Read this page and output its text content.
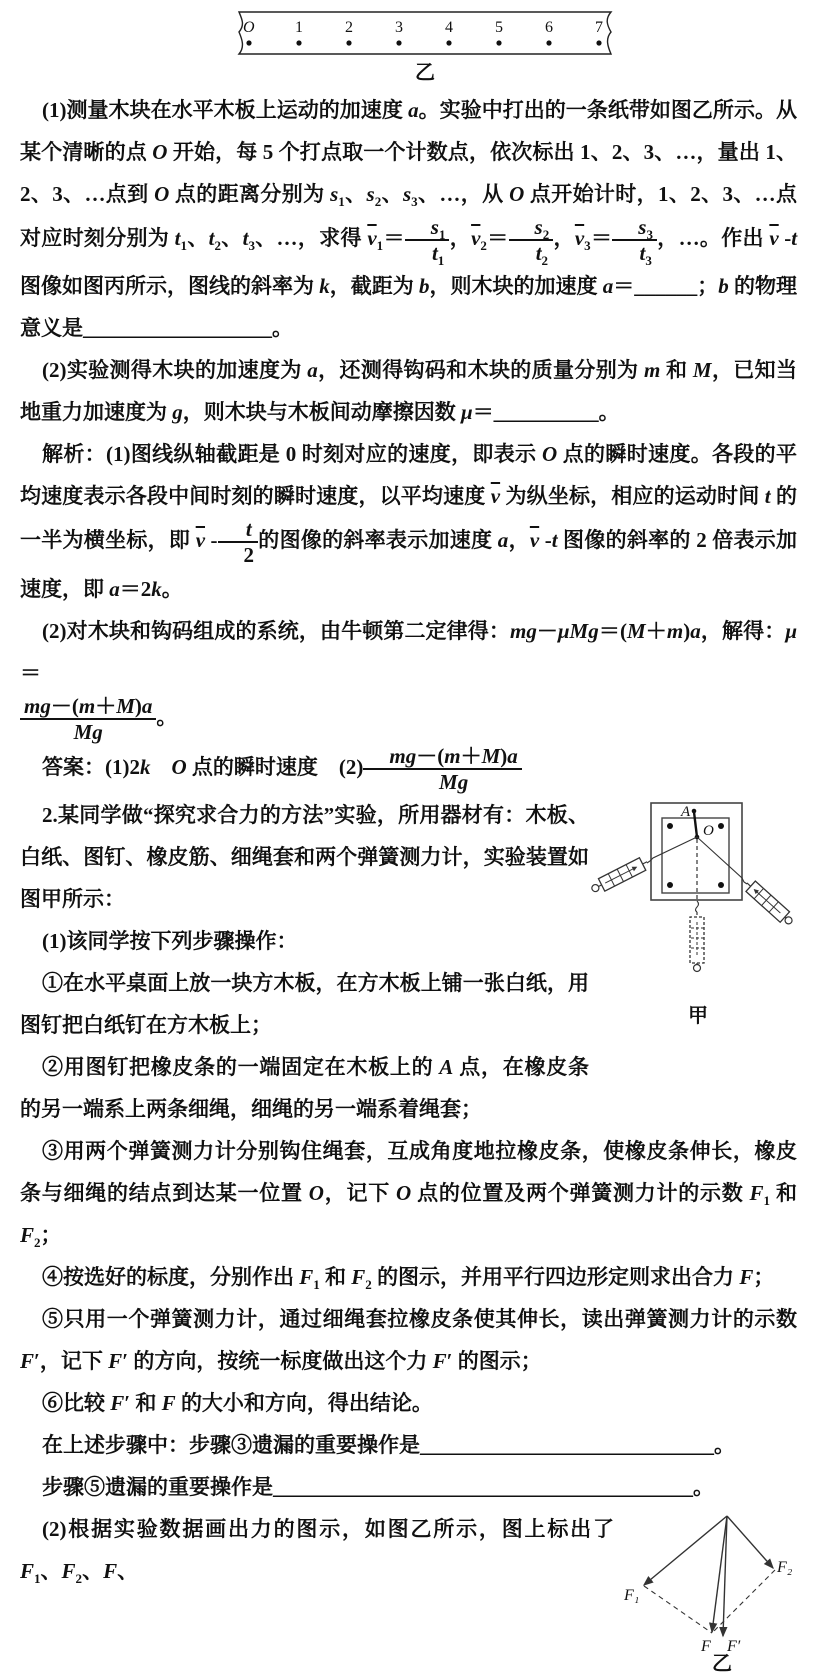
O	1	2	3	4	5	6	7
乙

(1)测量木块在水平木板上运动的加速度 a。实验中打出的一条纸带如图乙所示。从某个清晰的点 O 开始，每 5 个打点取一个计数点，依次标出 1、2、3、…，量出 1、2、3、…点到 O 点的距离分别为 $s_1$、$s_2$、$s_3$、…，从 O 点开始计时，1、2、3、…点对应时刻分别为 $t_1$、$t_2$、$t_3$、…，求得 $\overline{v}_1= \frac{s_1}{t_1}$ ，$\overline{v}_2= \frac{s_2}{t_2}$ ，$\overline{v}_3= \frac{s_3}{t_3}$ ，…。作出 $\overline{v}$ -t 图像如图丙所示，图线的斜率为 k，截距为 b，则木块的加速度 a＝______；b 的物理意义是__________________。

(2)实验测得木块的加速度为 a，还测得钩码和木块的质量分别为 m 和 M，已知当地重力加速度为 g，则木块与木板间动摩擦因数 μ＝__________。

解析：(1)图线纵轴截距是 0 时刻对应的速度，即表示 O 点的瞬时速度。各段的平均速度表示各段中间时刻的瞬时速度，以平均速度 $\overline{v}$ 为纵坐标，相应的运动时间 t 的一半为横坐标，即 $\overline{v} - \frac{t}{2}$ 的图像的斜率表示加速度 a，$\overline{v}$ -t 图像的斜率的 2 倍表示加速度，即 a＝2k。

(2)对木块和钩码组成的系统，由牛顿第二定律得：mg－μMg＝(M＋m)a，解得：μ＝

$\frac{mg-(m+M)a}{Mg}$ 。

答案：(1)2k　 O 点的瞬时速度　$(2) \frac{mg-(m+M)a}{Mg}$

A
O
甲

2.某同学做“探究求合力的方法”实验，所用器材有：木板、白纸、图钉、橡皮筋、细绳套和两个弹簧测力计，实验装置如图甲所示：

(1)该同学按下列步骤操作：

①在水平桌面上放一块方木板，在方木板上铺一张白纸，用图钉把白纸钉在方木板上；

②用图钉把橡皮条的一端固定在木板上的 A 点，在橡皮条的另一端系上两条细绳，细绳的另一端系着绳套；

③用两个弹簧测力计分别钩住绳套，互成角度地拉橡皮条，使橡皮条伸长，橡皮条与细绳的结点到达某一位置 O，记下 O 点的位置及两个弹簧测力计的示数 $F_1$ 和 $F_2$；

④按选好的标度，分别作出 $F_1$ 和 $F_2$ 的图示，并用平行四边形定则求出合力 F；

⑤只用一个弹簧测力计，通过细绳套拉橡皮条使其伸长，读出弹簧测力计的示数 F′，记下 F′ 的方向，按统一标度做出这个力 F′ 的图示；

⑥比较 F′ 和 F 的大小和方向，得出结论。

在上述步骤中：步骤③遗漏的重要操作是____________________________。

步骤⑤遗漏的重要操作是________________________________________。

F₁
F₂
F F′
乙

(2)根据实验数据画出力的图示，如图乙所示，图上标出了 $F_1$、$F_2$、F、
